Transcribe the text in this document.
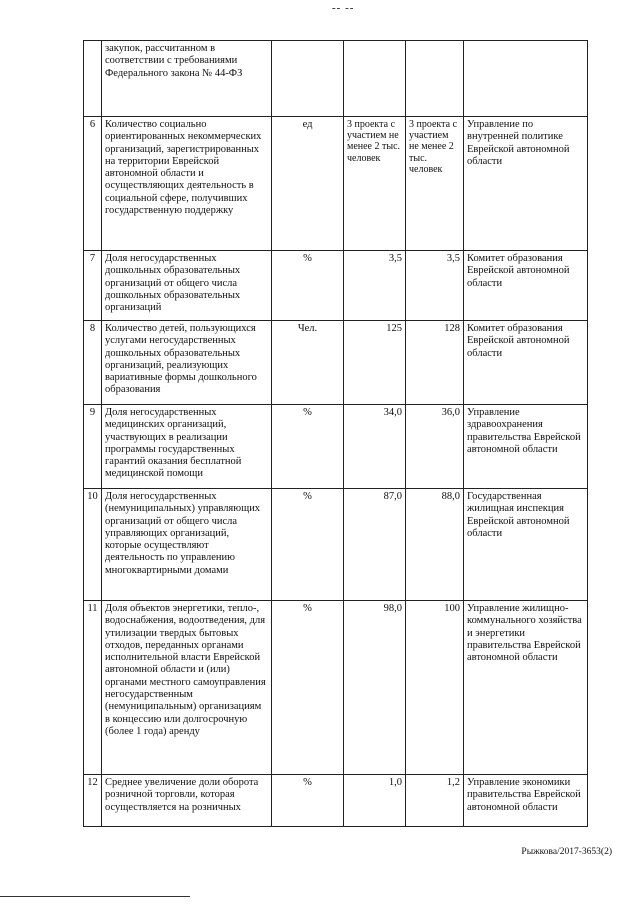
-- --
	закупок, рассчитанном в соответствии с требованиями Федерального закона № 44-ФЗ				
6	Количество социально ориентированных некоммерческих организаций, зарегистрированных на территории Еврейской автономной области и осуществляющих деятельность в социальной сфере, получивших государственную поддержку	ед	3 проекта с участием не менее 2 тыс. человек	3 проекта с участием не менее 2 тыс. человек	Управление по внутренней политике Еврейской автономной области
7	Доля негосударственных дошкольных образовательных организаций от общего числа дошкольных образовательных организаций	%	3,5	3,5	Комитет образования Еврейской автономной области
8	Количество детей, пользующихся услугами негосударственных дошкольных образовательных организаций, реализующих вариативные формы дошкольного образования	Чел.	125	128	Комитет образования Еврейской автономной области
9	Доля негосударственных медицинских организаций, участвующих в реализации программы государственных гарантий оказания бесплатной медицинской помощи	%	34,0	36,0	Управление здравоохранения правительства Еврейской автономной области
10	Доля негосударственных (немуниципальных) управляющих организаций от общего числа управляющих организаций, которые осуществляют деятельность по управлению многоквартирными домами	%	87,0	88,0	Государственная жилищная инспекция Еврейской автономной области
11	Доля объектов энергетики, тепло-, водоснабжения, водоотведения, для утилизации твердых бытовых отходов, переданных органами исполнительной власти Еврейской автономной области и (или) органами местного самоуправления негосударственным (немуниципальным) организациям в концессию или долгосрочную (более 1 года) аренду	%	98,0	100	Управление жилищно-коммунального хозяйства и энергетики правительства Еврейской автономной области
12	Среднее увеличение доли оборота розничной торговли, которая осуществляется на розничных	%	1,0	1,2	Управление экономики правительства Еврейской автономной области
Рыжкова/2017-3653(2)
